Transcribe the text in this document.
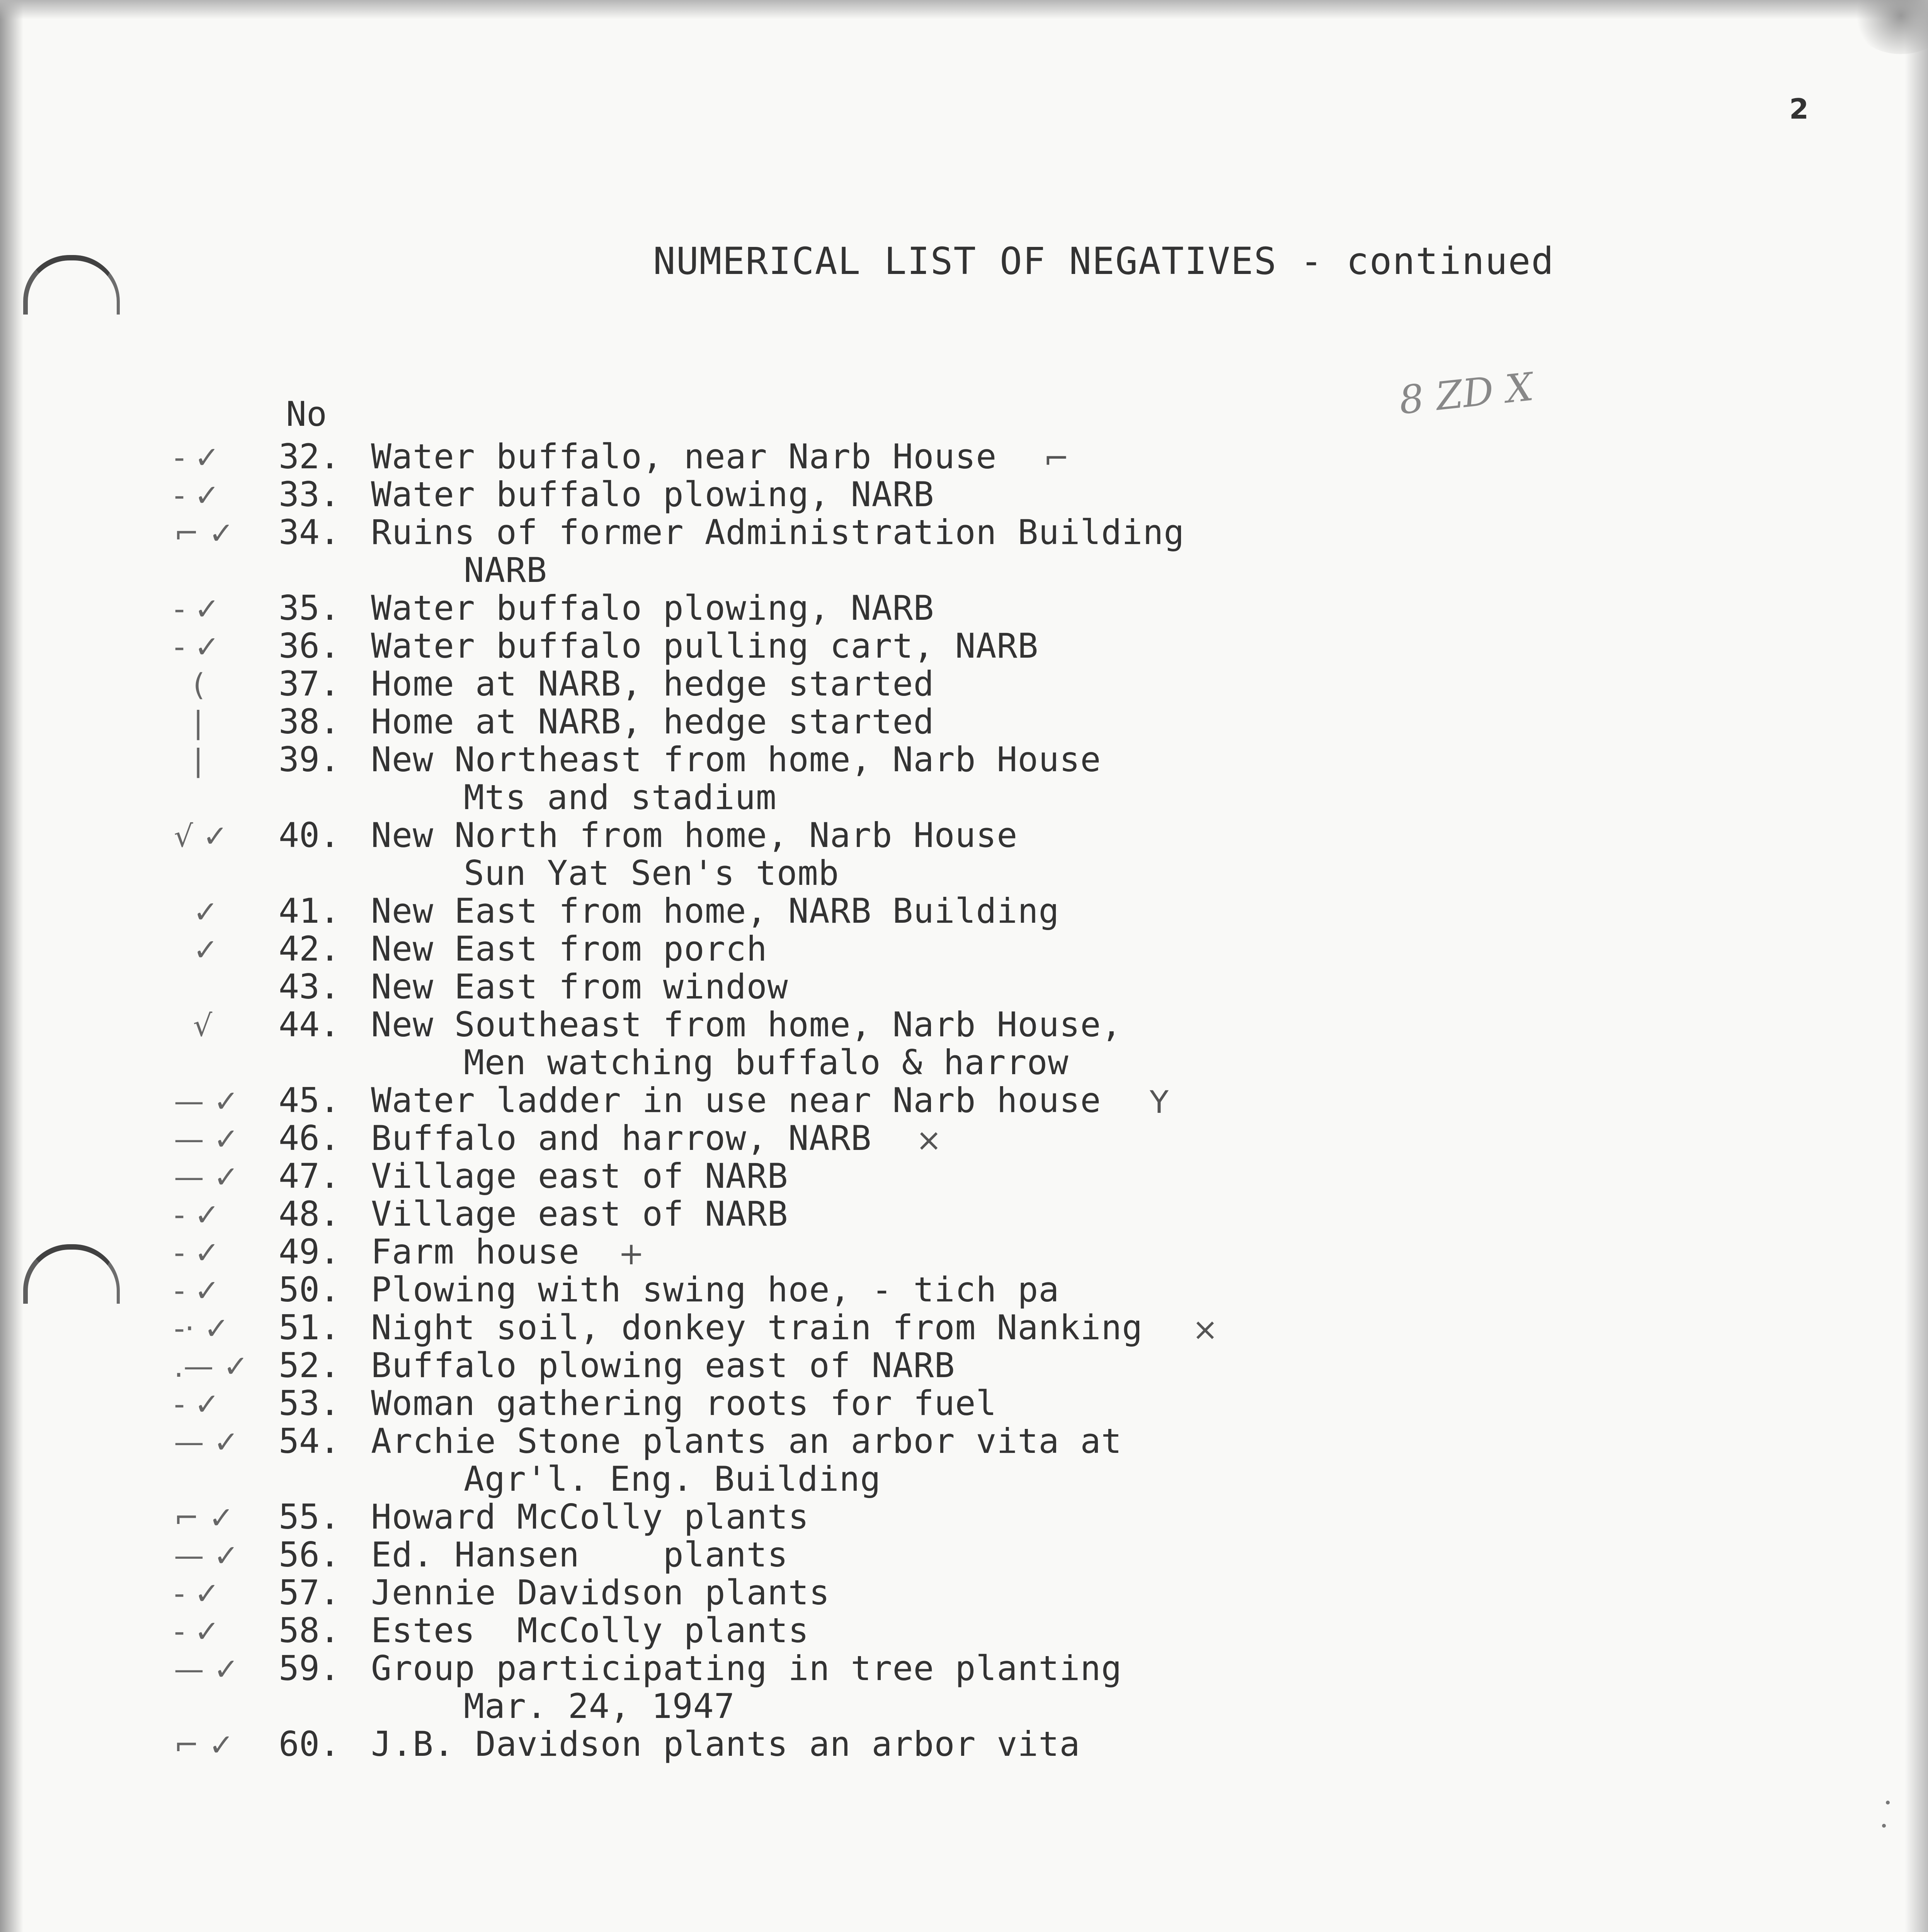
2
NUMERICAL LIST OF NEGATIVES - continued
8 ZD X
No
- ✓	32. Water buffalo, near Narb House ⌐
- ✓	33. Water buffalo plowing, NARB
⌐ ✓	34. Ruins of former Administration Building
NARB
- ✓	35. Water buffalo plowing, NARB
- ✓	36. Water buffalo pulling cart, NARB
(	37. Home at NARB, hedge started
|	38. Home at NARB, hedge started
|	39. New Northeast from home, Narb House
Mts and stadium
√ ✓	40. New North from home, Narb House
Sun Yat Sen's tomb
✓	41. New East from home, NARB Building
✓	42. New East from porch
43. New East from window
√	44. New Southeast from home, Narb House,
Men watching buffalo & harrow
— ✓	45. Water ladder in use near Narb house Y
— ✓	46. Buffalo and harrow, NARB ×
— ✓	47. Village east of NARB
- ✓	48. Village east of NARB
- ✓	49. Farm house +
- ✓	50. Plowing with swing hoe, - tich pa
-· ✓	51. Night soil, donkey train from Nanking ×
.— ✓ 52. Buffalo plowing east of NARB
- ✓	53. Woman gathering roots for fuel
— ✓	54. Archie Stone plants an arbor vita at
Agr'l. Eng. Building
⌐ ✓	55. Howard McColly plants
— ✓	56. Ed. Hansen    plants
- ✓	57. Jennie Davidson plants
- ✓	58. Estes  McColly plants
— ✓	59. Group participating in tree planting
Mar. 24, 1947
⌐ ✓	60. J.B. Davidson plants an arbor vita
